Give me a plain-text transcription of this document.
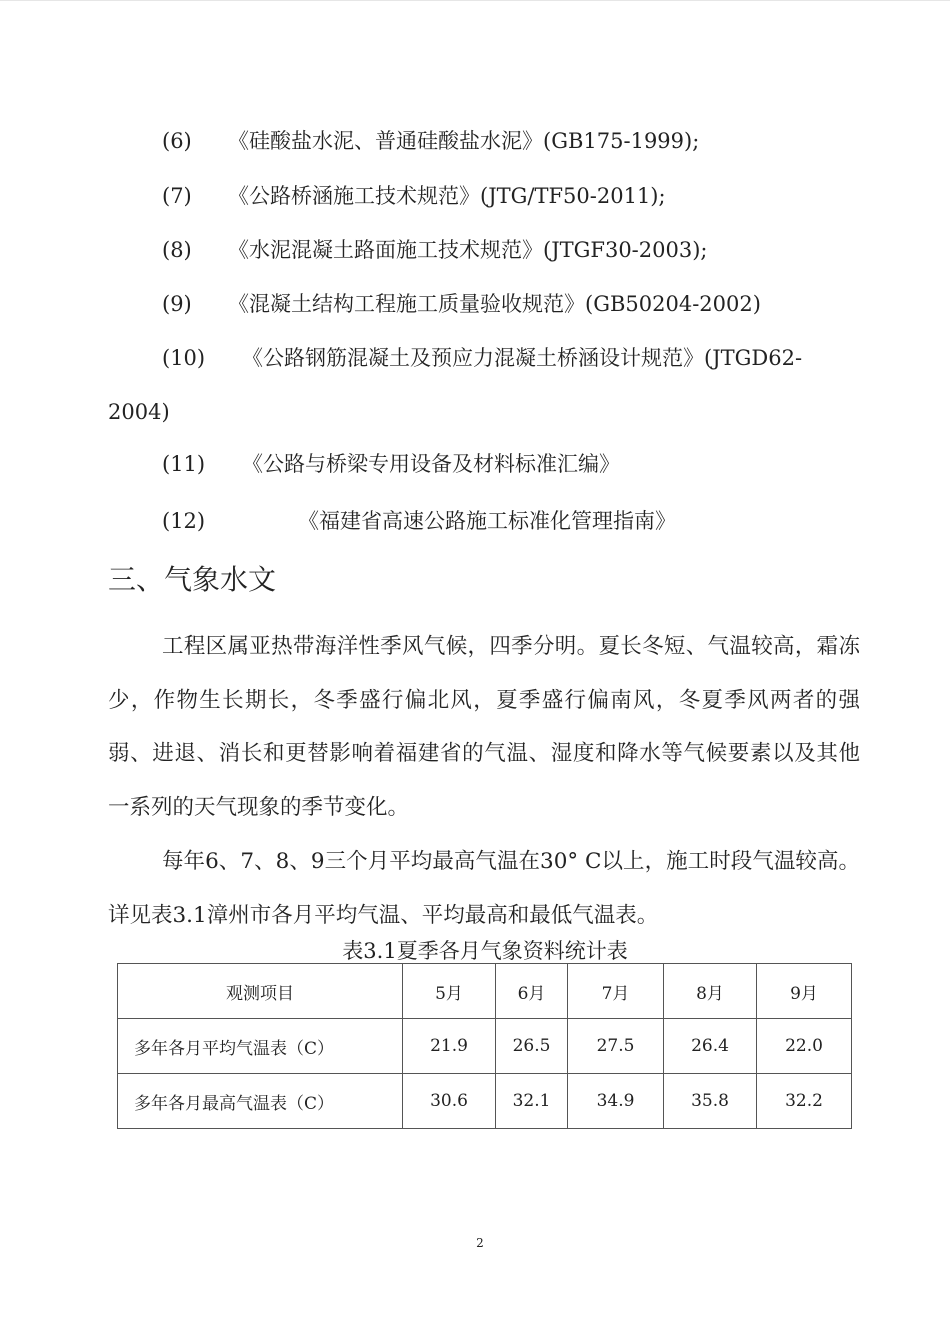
(6) 《硅酸盐水泥、普通硅酸盐水泥》(GB175-1999);
(7) 《公路桥涵施工技术规范》(JTG/TF50-2011);
(8) 《水泥混凝土路面施工技术规范》(JTGF30-2003);
(9) 《混凝土结构工程施工质量验收规范》(GB50204-2002)
(10) 《公路钢筋混凝土及预应力混凝土桥涵设计规范》(JTGD62-
2004)
(11) 《公路与桥梁专用设备及材料标准汇编》
(12)	《福建省高速公路施工标准化管理指南》
三、气象水文
工程区属亚热带海洋性季风气候，四季分明。夏长冬短、气温较高，霜冻少，作物生长期长，冬季盛行偏北风，夏季盛行偏南风，冬夏季风两者的强弱、进退、消长和更替影响着福建省的气温、湿度和降水等气候要素以及其他一系列的天气现象的季节变化。
每年6、7、8、9三个月平均最高气温在30° C以上，施工时段气温较高。详见表3.1漳州市各月平均气温、平均最高和最低气温表。
表3.1夏季各月气象资料统计表
观测项目	5月	6月	7月	8月	9月
多年各月平均气温表（C）	21.9	26.5	27.5	26.4	22.0
多年各月最高气温表（C）	30.6	32.1	34.9	35.8	32.2
2
